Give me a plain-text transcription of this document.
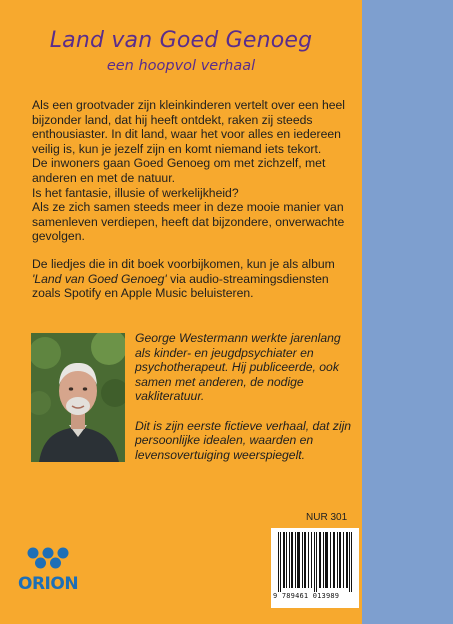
Land van Goed Genoeg
een hoopvol verhaal

Als een grootvader zijn kleinkinderen vertelt over een heel bijzonder land, dat hij heeft ontdekt, raken zij steeds enthousiaster. In dit land, waar het voor alles en iedereen veilig is, kun je jezelf zijn en komt niemand iets tekort.

De inwoners gaan Goed Genoeg om met zichzelf, met anderen en met de natuur.

Is het fantasie, illusie of werkelijkheid?

Als ze zich samen steeds meer in deze mooie manier van samenleven verdiepen, heeft dat bijzondere, onverwachte gevolgen.

De liedjes die in dit boek voorbijkomen, kun je als album 'Land van Goed Genoeg' via audio-streamingsdiensten zoals Spotify en Apple Music beluisteren.

George Westermann werkte jarenlang als kinder- en jeugdpsychiater en psychotherapeut. Hij publiceerde, ook samen met anderen, de nodige vakliteratuur.

Dit is zijn eerste fictieve verhaal, dat zijn persoonlijke idealen, waarden en levensovertuiging weerspiegelt.

NUR 301
9 789461 013989
ORION
